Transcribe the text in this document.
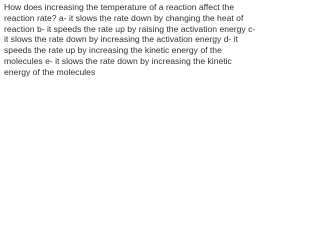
How does increasing the temperature of a reaction affect the reaction rate? a- it slows the rate down by changing the heat of reaction b- it speeds the rate up by raising the activation energy c- it slows the rate down by increasing the activation energy d- it speeds the rate up by increasing the kinetic energy of the molecules e- it slows the rate down by increasing the kinetic energy of the molecules
